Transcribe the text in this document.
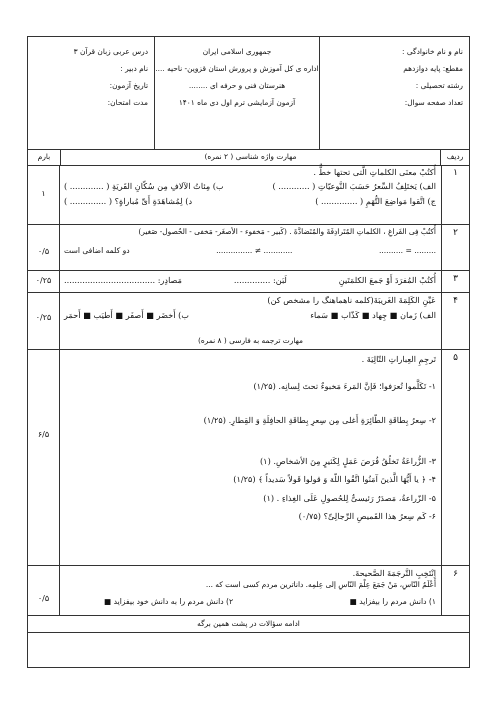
نام و نام خانوادگی :
مقطع: پایه دوازدهم
رشته تحصیلی :
تعداد صفحه سوال:
جمهوری اسلامی ایران
اداره ی کل آموزش و پرورش استان قزوین- ناحیه ....
هنرستان فنی و حرفه ای ........
آزمون آزمایشی ترم اول دی ماه ۱۴۰۱
درس عربی زبان قرآن ۳
نام دبیر :
تاریخ آزمون:
مدت امتحان:
ردیف
بارم	مهارت واژه شناسی ( ۲ نمره)
۱
أُکتُبْ معنَى الکلماتِ الَّتی تحتها خطٌّ .
الف) یَختَلِفُ السِّعرُ حَسَبَ النَّوعیّاتِ ( ............ )
ب) مِئاتُ الآلافِ مِن سُکّانِ القَریَةِ ( ............. )
ج) اتَّقوا مَواضِعَ التُّهَمِ ( .............. )
د) لِمُشاهَدَةِ أَیِّ مُباراةٍ؟ ( .............. )
۱
۲
أُکتُبْ فِی الفَراغِ ، الکلماتِ المُتَرادِفَةَ والمُتَضادَّةَ . (کَبیر - مَخفوء - الأصغَر- مَخفی - الحُصول- صَغیر)
......... = ..........
............ ≠ ...............
دو کلمه اضافی است
۰/۵
۳
أُکتُبْ المُفرَدَ أَوْ جَمعَ الکلمَتَینِ
لَبَن: ..............
مَصادِر: ...................................
۰/۲۵
۴
عَیِّنِ الکَلِمَةَ الغَریبَةَ(کلمه ناهماهنگ را مشخص کن)
الف) زَمان ■ جِهاد ■ کَذّاب ■ سَماء
ب) أَخضَر ■ أَصفَر ■ أَطیَب ■ أَحمَر
مهارت ترجمه به فارسی ( ۸ نمره)
۰/۲۵
۵
تَرجِمِ العِباراتِ التّالِیَةَ .
۱- تَکَلَّموا تُعرَفوا؛ فَإنَّ المَرءَ مَخبوءٌ تحتَ لِسانِه. (۱/۲۵)
۲- سِعرُ بِطاقَةِ الطّائِرَةِ أَغلی مِن سِعرِ بِطاقَةِ الحافِلَةِ وَ القِطارِ. (۱/۲۵)
۳- الزُّراعَةُ تَخلُقُ فُرَصَ عَمَلٍ لِکَثیرٍ مِنَ الأشخاصِ. (۱)
۴- ﴿ یا أَیُّهَا الَّذینَ آمَنُوا اتَّقُوا اللّهَ وَ قولوا قَولاً سَدیداً ﴾ (۱/۲۵)
۵- الزّراعةُ، مَصدَرٌ رَئیسیٌّ لِلحُصولِ عَلَی الغِذاءِ . (۱)
۶- کَم سِعرُ هذا القَمیصِ الرِّجالِیِّ؟ (۰/۷۵)
۶/۵
۶
اِنْتَخِبِ التَّرجَمَةَ الصَّحیحةَ.
أَعْلَمُ النّاسِ، مَنْ جَمَعَ عِلْمَ النّاسِ إلی عِلمِه. داناترین مردم کسی است که ...
۱) دانش مردم را بیفزاید ■
۲) دانش مردم را به دانش خود بیفزاید ■
۰/۵
ادامه سؤالات در پشت همین برگه
